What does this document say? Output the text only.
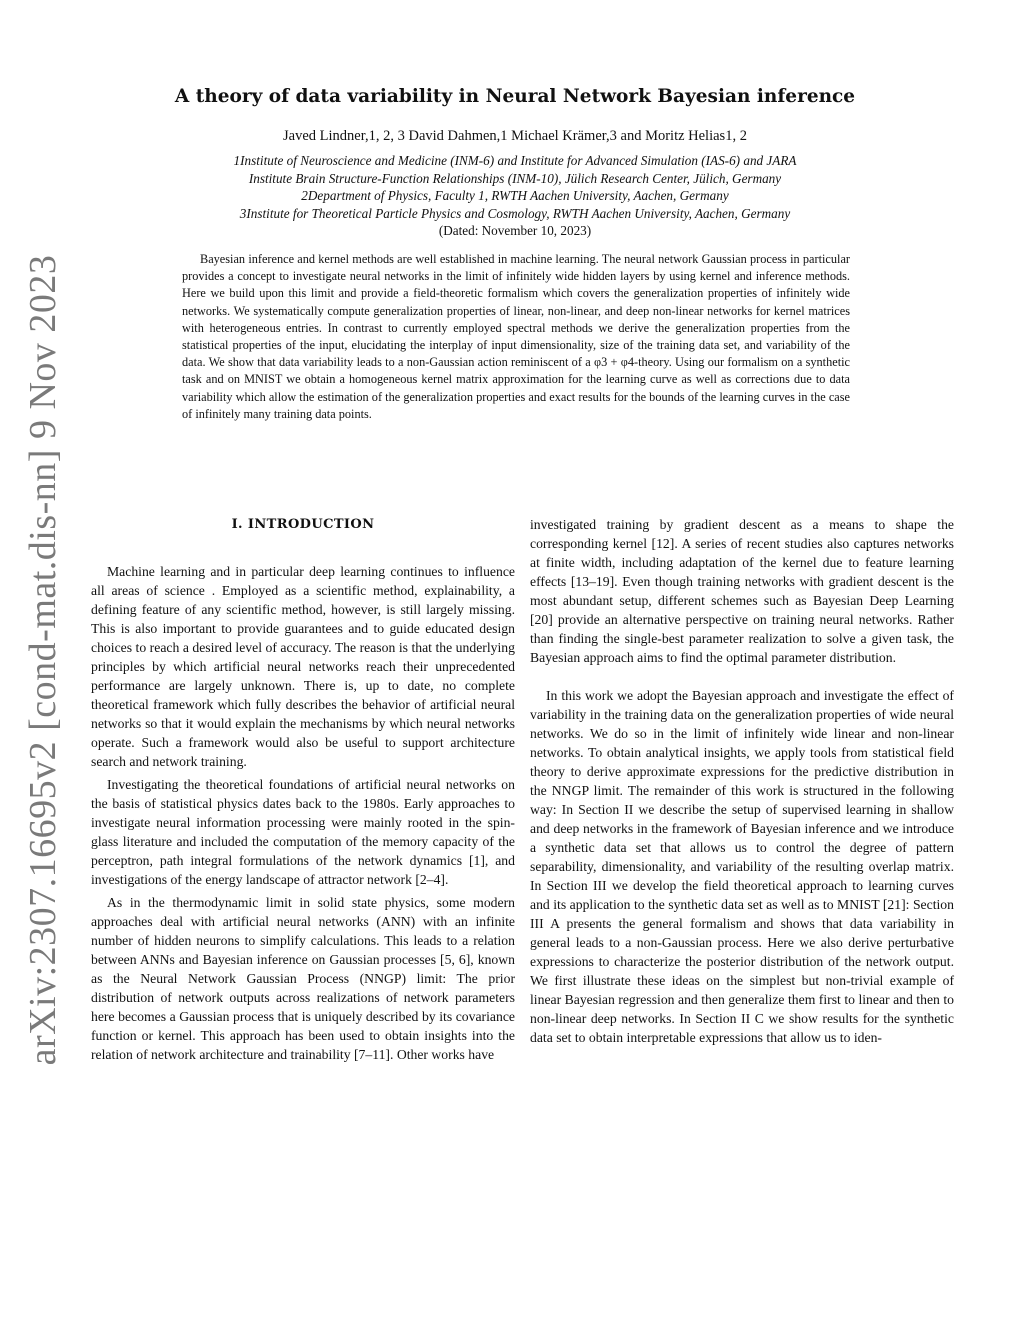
arXiv:2307.16695v2 [cond-mat.dis-nn] 9 Nov 2023
A theory of data variability in Neural Network Bayesian inference
Javed Lindner,1, 2, 3 David Dahmen,1 Michael Krämer,3 and Moritz Helias1, 2
1Institute of Neuroscience and Medicine (INM-6) and Institute for Advanced Simulation (IAS-6) and JARA
Institute Brain Structure-Function Relationships (INM-10), Jülich Research Center, Jülich, Germany
2Department of Physics, Faculty 1, RWTH Aachen University, Aachen, Germany
3Institute for Theoretical Particle Physics and Cosmology, RWTH Aachen University, Aachen, Germany
(Dated: November 10, 2023)
Bayesian inference and kernel methods are well established in machine learning. The neural network Gaussian process in particular provides a concept to investigate neural networks in the limit of infinitely wide hidden layers by using kernel and inference methods. Here we build upon this limit and provide a field-theoretic formalism which covers the generalization properties of infinitely wide networks. We systematically compute generalization properties of linear, non-linear, and deep non-linear networks for kernel matrices with heterogeneous entries. In contrast to currently employed spectral methods we derive the generalization properties from the statistical properties of the input, elucidating the interplay of input dimensionality, size of the training data set, and variability of the data. We show that data variability leads to a non-Gaussian action reminiscent of a φ3 + φ4-theory. Using our formalism on a synthetic task and on MNIST we obtain a homogeneous kernel matrix approximation for the learning curve as well as corrections due to data variability which allow the estimation of the generalization properties and exact results for the bounds of the learning curves in the case of infinitely many training data points.
I. INTRODUCTION

Machine learning and in particular deep learning continues to influence all areas of science . Employed as a scientific method, explainability, a defining feature of any scientific method, however, is still largely missing. This is also important to provide guarantees and to guide educated design choices to reach a desired level of accuracy. The reason is that the underlying principles by which artificial neural networks reach their unprecedented performance are largely unknown. There is, up to date, no complete theoretical framework which fully describes the behavior of artificial neural networks so that it would explain the mechanisms by which neural networks operate. Such a framework would also be useful to support architecture search and network training.

Investigating the theoretical foundations of artificial neural networks on the basis of statistical physics dates back to the 1980s. Early approaches to investigate neural information processing were mainly rooted in the spin-glass literature and included the computation of the memory capacity of the perceptron, path integral formulations of the network dynamics [1], and investigations of the energy landscape of attractor network [2–4].

As in the thermodynamic limit in solid state physics, some modern approaches deal with artificial neural networks (ANN) with an infinite number of hidden neurons to simplify calculations. This leads to a relation between ANNs and Bayesian inference on Gaussian processes [5, 6], known as the Neural Network Gaussian Process (NNGP) limit: The prior distribution of network outputs across realizations of network parameters here becomes a Gaussian process that is uniquely described by its covariance function or kernel. This approach has been used to obtain insights into the relation of network architecture and trainability [7–11]. Other works have

investigated training by gradient descent as a means to shape the corresponding kernel [12]. A series of recent studies also captures networks at finite width, including adaptation of the kernel due to feature learning effects [13–19]. Even though training networks with gradient descent is the most abundant setup, different schemes such as Bayesian Deep Learning [20] provide an alternative perspective on training neural networks. Rather than finding the single-best parameter realization to solve a given task, the Bayesian approach aims to find the optimal parameter distribution.

In this work we adopt the Bayesian approach and investigate the effect of variability in the training data on the generalization properties of wide neural networks. We do so in the limit of infinitely wide linear and non-linear networks. To obtain analytical insights, we apply tools from statistical field theory to derive approximate expressions for the predictive distribution in the NNGP limit. The remainder of this work is structured in the following way: In Section II we describe the setup of supervised learning in shallow and deep networks in the framework of Bayesian inference and we introduce a synthetic data set that allows us to control the degree of pattern separability, dimensionality, and variability of the resulting overlap matrix. In Section III we develop the field theoretical approach to learning curves and its application to the synthetic data set as well as to MNIST [21]: Section III A presents the general formalism and shows that data variability in general leads to a non-Gaussian process. Here we also derive perturbative expressions to characterize the posterior distribution of the network output. We first illustrate these ideas on the simplest but non-trivial example of linear Bayesian regression and then generalize them first to linear and then to non-linear deep networks. In Section II C we show results for the synthetic data set to obtain interpretable expressions that allow us to iden-
